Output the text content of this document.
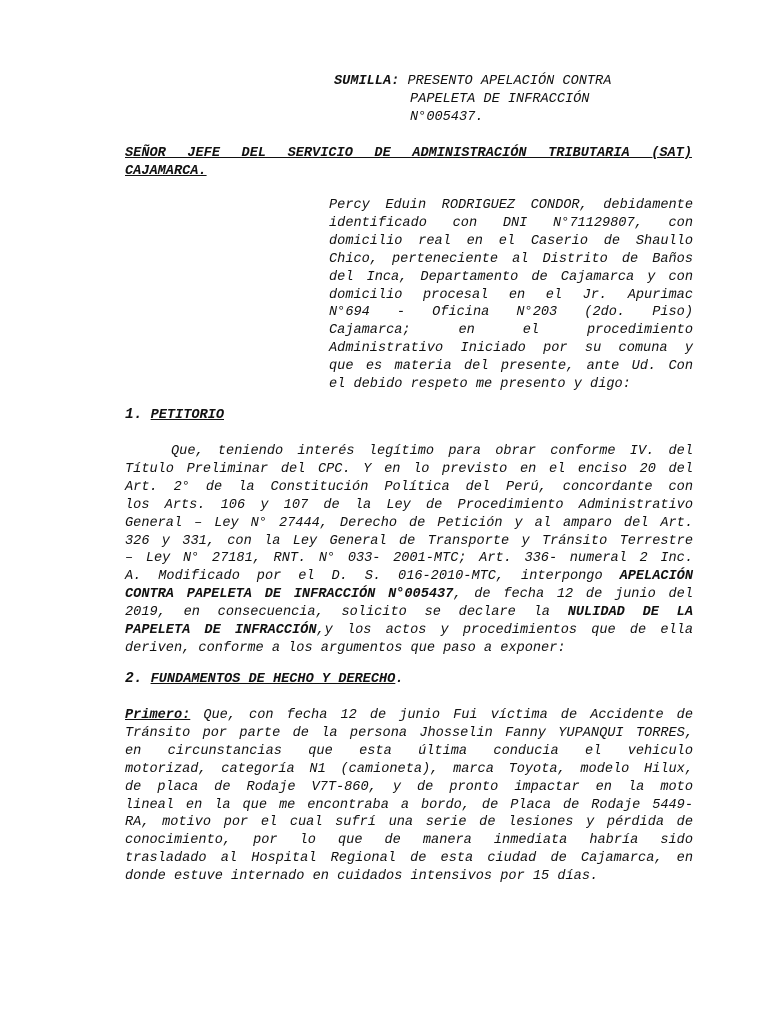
SUMILLA: PRESENTO APELACIÓN CONTRA
PAPELETA DE INFRACCIÓN
N°005437.
SEÑOR JEFE DEL SERVICIO DE ADMINISTRACIÓN TRIBUTARIA (SAT)
CAJAMARCA.
Percy Eduin RODRIGUEZ CONDOR, debidamente
identificado con DNI N°71129807, con
domicilio real en el Caserio de Shaullo
Chico, perteneciente al Distrito de Baños
del Inca, Departamento de Cajamarca y con
domicilio procesal en el Jr. Apurimac
N°694 - Oficina N°203 (2do. Piso)
Cajamarca; en el procedimiento
Administrativo Iniciado por su comuna y
que es materia del presente, ante Ud. Con
el debido respeto me presento y digo:
1. PETITORIO
Que, teniendo interés legítimo para obrar conforme IV. del
Título Preliminar del CPC. Y en lo previsto en el enciso 20 del
Art. 2° de la Constitución Política del Perú, concordante con
los Arts. 106 y 107 de la Ley de Procedimiento Administrativo
General – Ley N° 27444, Derecho de Petición y al amparo del Art.
326 y 331, con la Ley General de Transporte y Tránsito Terrestre
– Ley N° 27181, RNT. N° 033- 2001-MTC; Art. 336- numeral 2 Inc.
A. Modificado por el D. S. 016-2010-MTC, interpongo APELACIÓN
CONTRA PAPELETA DE INFRACCIÓN N°005437, de fecha 12 de junio del
2019, en consecuencia, solicito se declare la NULIDAD DE LA
PAPELETA DE INFRACCIÓN,y los actos y procedimientos que de ella
deriven, conforme a los argumentos que paso a exponer:
2. FUNDAMENTOS DE HECHO Y DERECHO.
Primero: Que, con fecha 12 de junio Fui víctima de Accidente de
Tránsito por parte de la persona Jhosselin Fanny YUPANQUI TORRES,
en circunstancias que esta última conducia el vehiculo
motorizad, categoría N1 (camioneta), marca Toyota, modelo Hilux,
de placa de Rodaje V7T-860, y de pronto impactar en la moto
lineal en la que me encontraba a bordo, de Placa de Rodaje 5449-
RA, motivo por el cual sufrí una serie de lesiones y pérdida de
conocimiento, por lo que de manera inmediata habría sido
trasladado al Hospital Regional de esta ciudad de Cajamarca, en
donde estuve internado en cuidados intensivos por 15 días.
